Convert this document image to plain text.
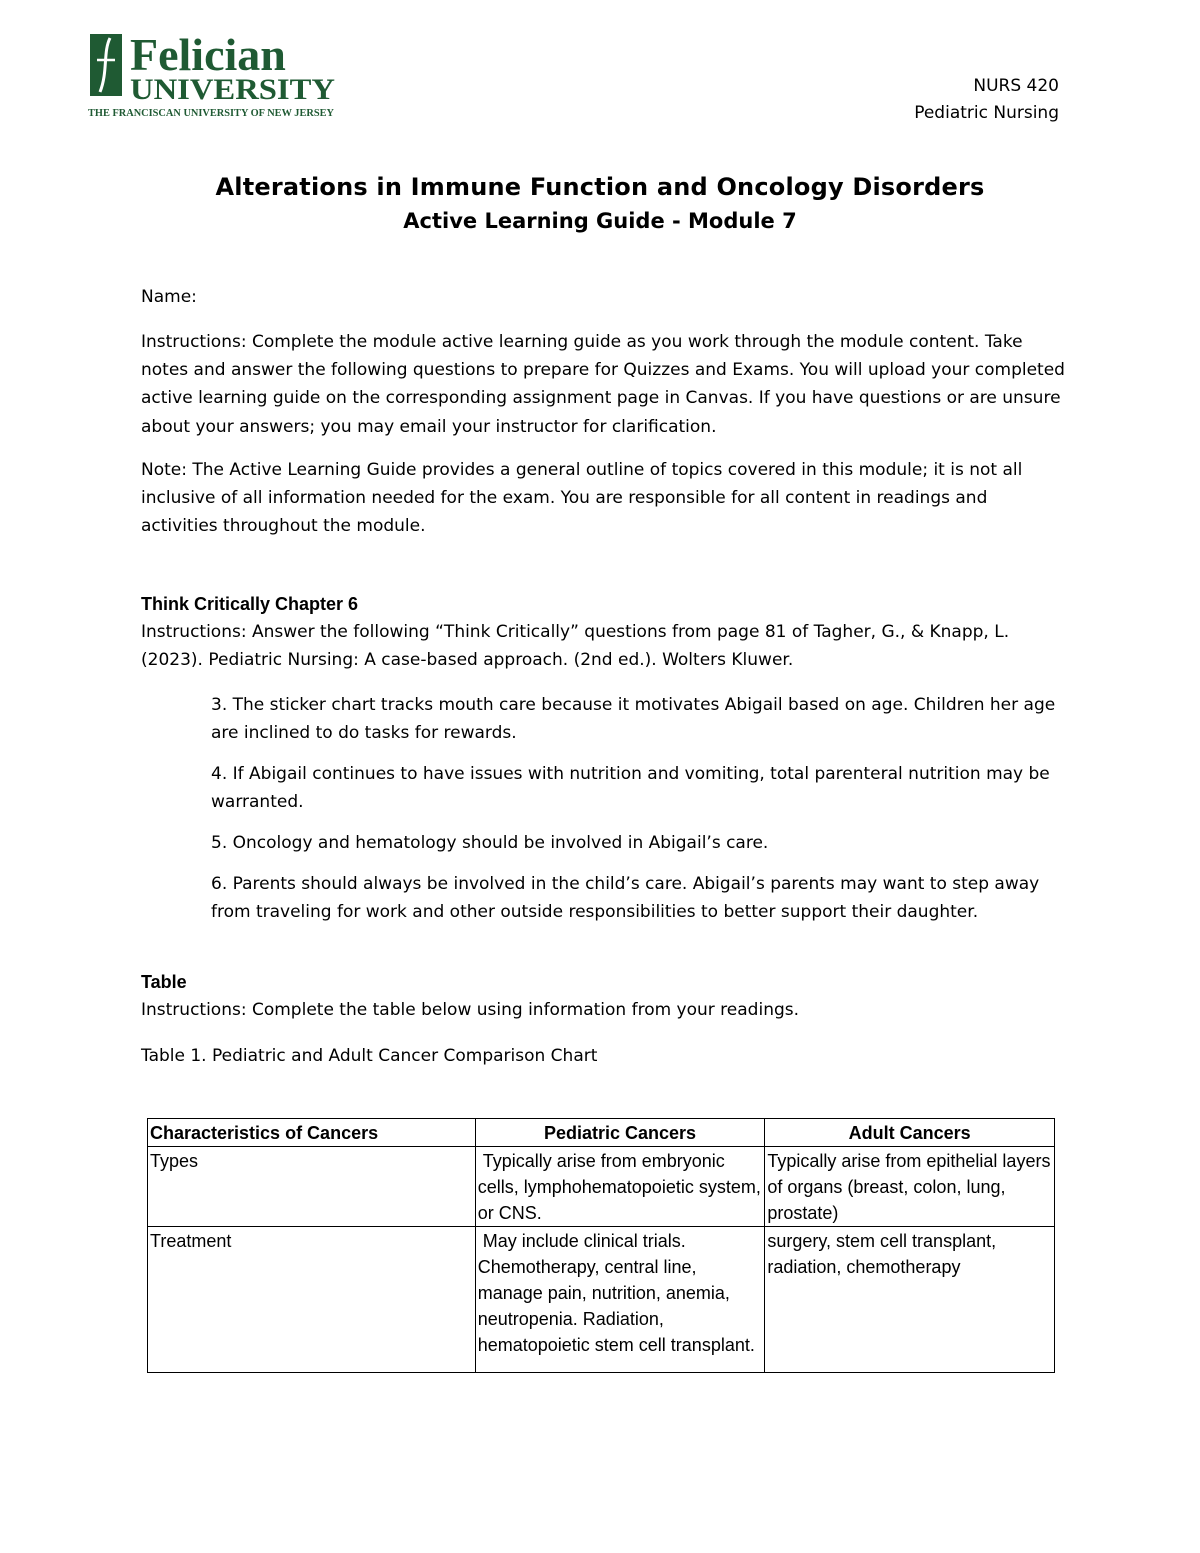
Felician
UNIVERSITY
THE FRANCISCAN UNIVERSITY OF NEW JERSEY
NURS 420
Pediatric Nursing
Alterations in Immune Function and Oncology Disorders
Active Learning Guide - Module 7

Name:

Instructions: Complete the module active learning guide as you work through the module content. Take notes and answer the following questions to prepare for Quizzes and Exams. You will upload your completed active learning guide on the corresponding assignment page in Canvas. If you have questions or are unsure about your answers; you may email your instructor for clarification.

Note: The Active Learning Guide provides a general outline of topics covered in this module; it is not all inclusive of all information needed for the exam. You are responsible for all content in readings and activities throughout the module.

Think Critically Chapter 6

Instructions: Answer the following “Think Critically” questions from page 81 of Tagher, G., & Knapp, L. (2023). Pediatric Nursing: A case-based approach. (2nd ed.). Wolters Kluwer.

3. The sticker chart tracks mouth care because it motivates Abigail based on age. Children her age are inclined to do tasks for rewards.

4. If Abigail continues to have issues with nutrition and vomiting, total parenteral nutrition may be warranted.

5. Oncology and hematology should be involved in Abigail’s care.

6. Parents should always be involved in the child’s care. Abigail’s parents may want to step away from traveling for work and other outside responsibilities to better support their daughter.

Table

Instructions: Complete the table below using information from your readings.

Table 1. Pediatric and Adult Cancer Comparison Chart

Characteristics of Cancers	Pediatric Cancers	Adult Cancers
Types	Typically arise from embryonic cells, lymphohematopoietic system, or CNS.	Typically arise from epithelial layers of organs (breast, colon, lung, prostate)
Treatment	May include clinical trials. Chemotherapy, central line, manage pain, nutrition, anemia, neutropenia. Radiation, hematopoietic stem cell transplant.	surgery, stem cell transplant, radiation, chemotherapy
